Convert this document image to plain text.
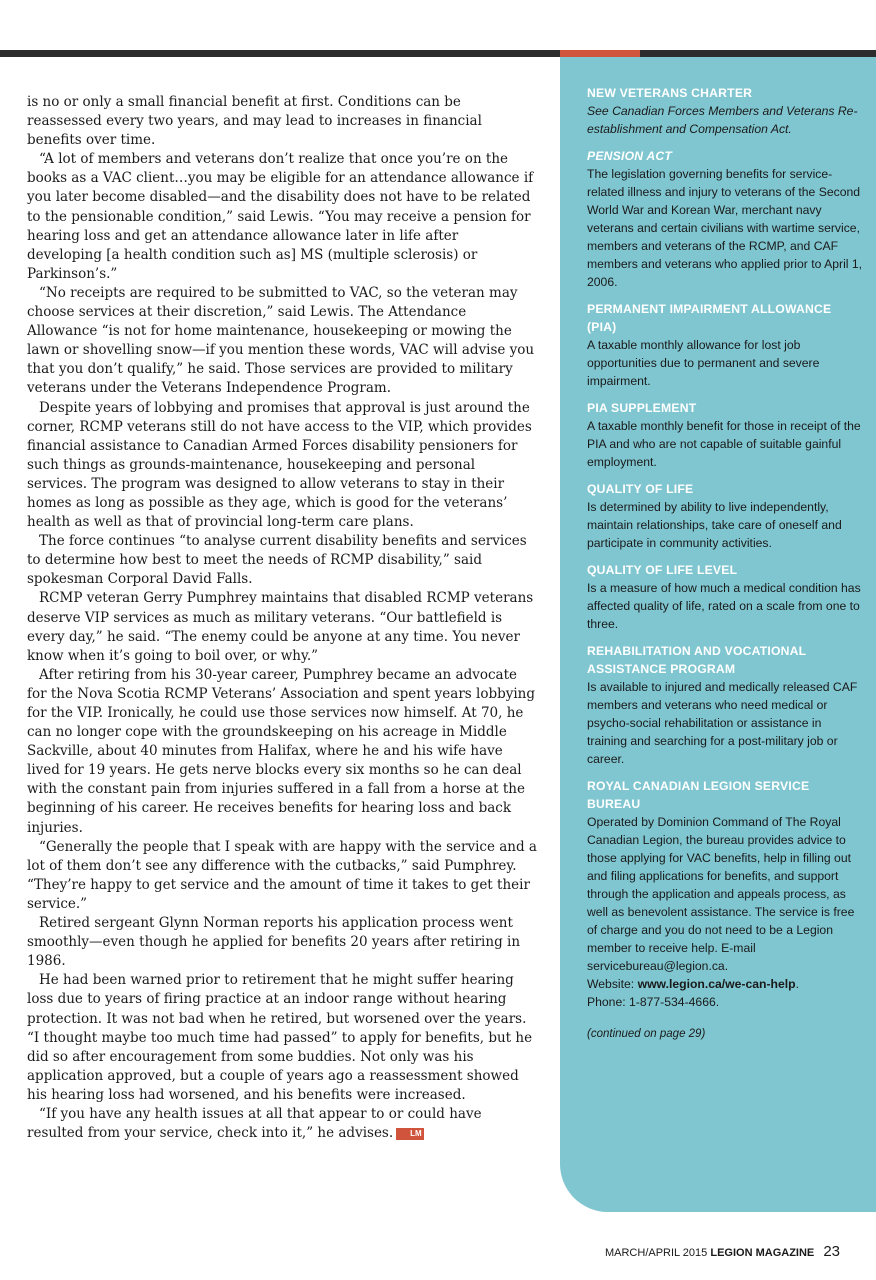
is no or only a small financial benefit at first. Conditions can be reassessed every two years, and may lead to increases in financial benefits over time.

“A lot of members and veterans don’t realize that once you’re on the books as a VAC client…you may be eligible for an attendance allowance if you later become disabled—and the disability does not have to be related to the pensionable condition,” said Lewis. “You may receive a pension for hearing loss and get an attendance allowance later in life after developing [a health condition such as] MS (multiple sclerosis) or Parkinson’s.”

“No receipts are required to be submitted to VAC, so the veteran may choose services at their discretion,” said Lewis. The Attendance Allowance “is not for home maintenance, housekeeping or mowing the lawn or shovelling snow—if you mention these words, VAC will advise you that you don’t qualify,” he said. Those services are provided to military veterans under the Veterans Independence Program.

Despite years of lobbying and promises that approval is just around the corner, RCMP veterans still do not have access to the VIP, which provides financial assistance to Canadian Armed Forces disability pensioners for such things as grounds-maintenance, housekeeping and personal services. The program was designed to allow veterans to stay in their homes as long as possible as they age, which is good for the veterans’ health as well as that of provincial long-term care plans.

The force continues “to analyse current disability benefits and services to determine how best to meet the needs of RCMP disability,” said spokesman Corporal David Falls.

RCMP veteran Gerry Pumphrey maintains that disabled RCMP veterans deserve VIP services as much as military veterans. “Our battlefield is every day,” he said. “The enemy could be anyone at any time. You never know when it’s going to boil over, or why.”

After retiring from his 30-year career, Pumphrey became an advocate for the Nova Scotia RCMP Veterans’ Association and spent years lobbying for the VIP. Ironically, he could use those services now himself. At 70, he can no longer cope with the groundskeeping on his acreage in Middle Sackville, about 40 minutes from Halifax, where he and his wife have lived for 19 years. He gets nerve blocks every six months so he can deal with the constant pain from injuries suffered in a fall from a horse at the beginning of his career. He receives benefits for hearing loss and back injuries.

“Generally the people that I speak with are happy with the service and a lot of them don’t see any difference with the cutbacks,” said Pumphrey. “They’re happy to get service and the amount of time it takes to get their service.”

Retired sergeant Glynn Norman reports his application process went smoothly—even though he applied for benefits 20 years after retiring in 1986.

He had been warned prior to retirement that he might suffer hearing loss due to years of firing practice at an indoor range without hearing protection. It was not bad when he retired, but worsened over the years. “I thought maybe too much time had passed” to apply for benefits, but he did so after encouragement from some buddies. Not only was his application approved, but a couple of years ago a reassessment showed his hearing loss had worsened, and his benefits were increased.

“If you have any health issues at all that appear to or could have resulted from your service, check into it,” he advises. LM

NEW VETERANS CHARTER
See Canadian Forces Members and Veterans Re-establishment and Compensation Act.
PENSION ACT
The legislation governing benefits for service-related illness and injury to veterans of the Second World War and Korean War, merchant navy veterans and certain civilians with wartime service, members and veterans of the RCMP, and CAF members and veterans who applied prior to April 1, 2006.
PERMANENT IMPAIRMENT ALLOWANCE (PIA)
A taxable monthly allowance for lost job opportunities due to permanent and severe impairment.
PIA SUPPLEMENT
A taxable monthly benefit for those in receipt of the PIA and who are not capable of suitable gainful employment.
QUALITY OF LIFE
Is determined by ability to live independently, maintain relationships, take care of oneself and participate in community activities.
QUALITY OF LIFE LEVEL
Is a measure of how much a medical condition has affected quality of life, rated on a scale from one to three.
REHABILITATION AND VOCATIONAL ASSISTANCE PROGRAM
Is available to injured and medically released CAF members and veterans who need medical or psycho-social rehabilitation or assistance in training and searching for a post-military job or career.
ROYAL CANADIAN LEGION SERVICE BUREAU
Operated by Dominion Command of The Royal Canadian Legion, the bureau provides advice to those applying for VAC benefits, help in filling out and filing applications for benefits, and support through the application and appeals process, as well as benevolent assistance. The service is free of charge and you do not need to be a Legion member to receive help. E-mail servicebureau@legion.ca.
Website: www.legion.ca/we-can-help.
Phone: 1-877-534-4666.
(continued on page 29)
MARCH/APRIL 2015 LEGION MAGAZINE 23
